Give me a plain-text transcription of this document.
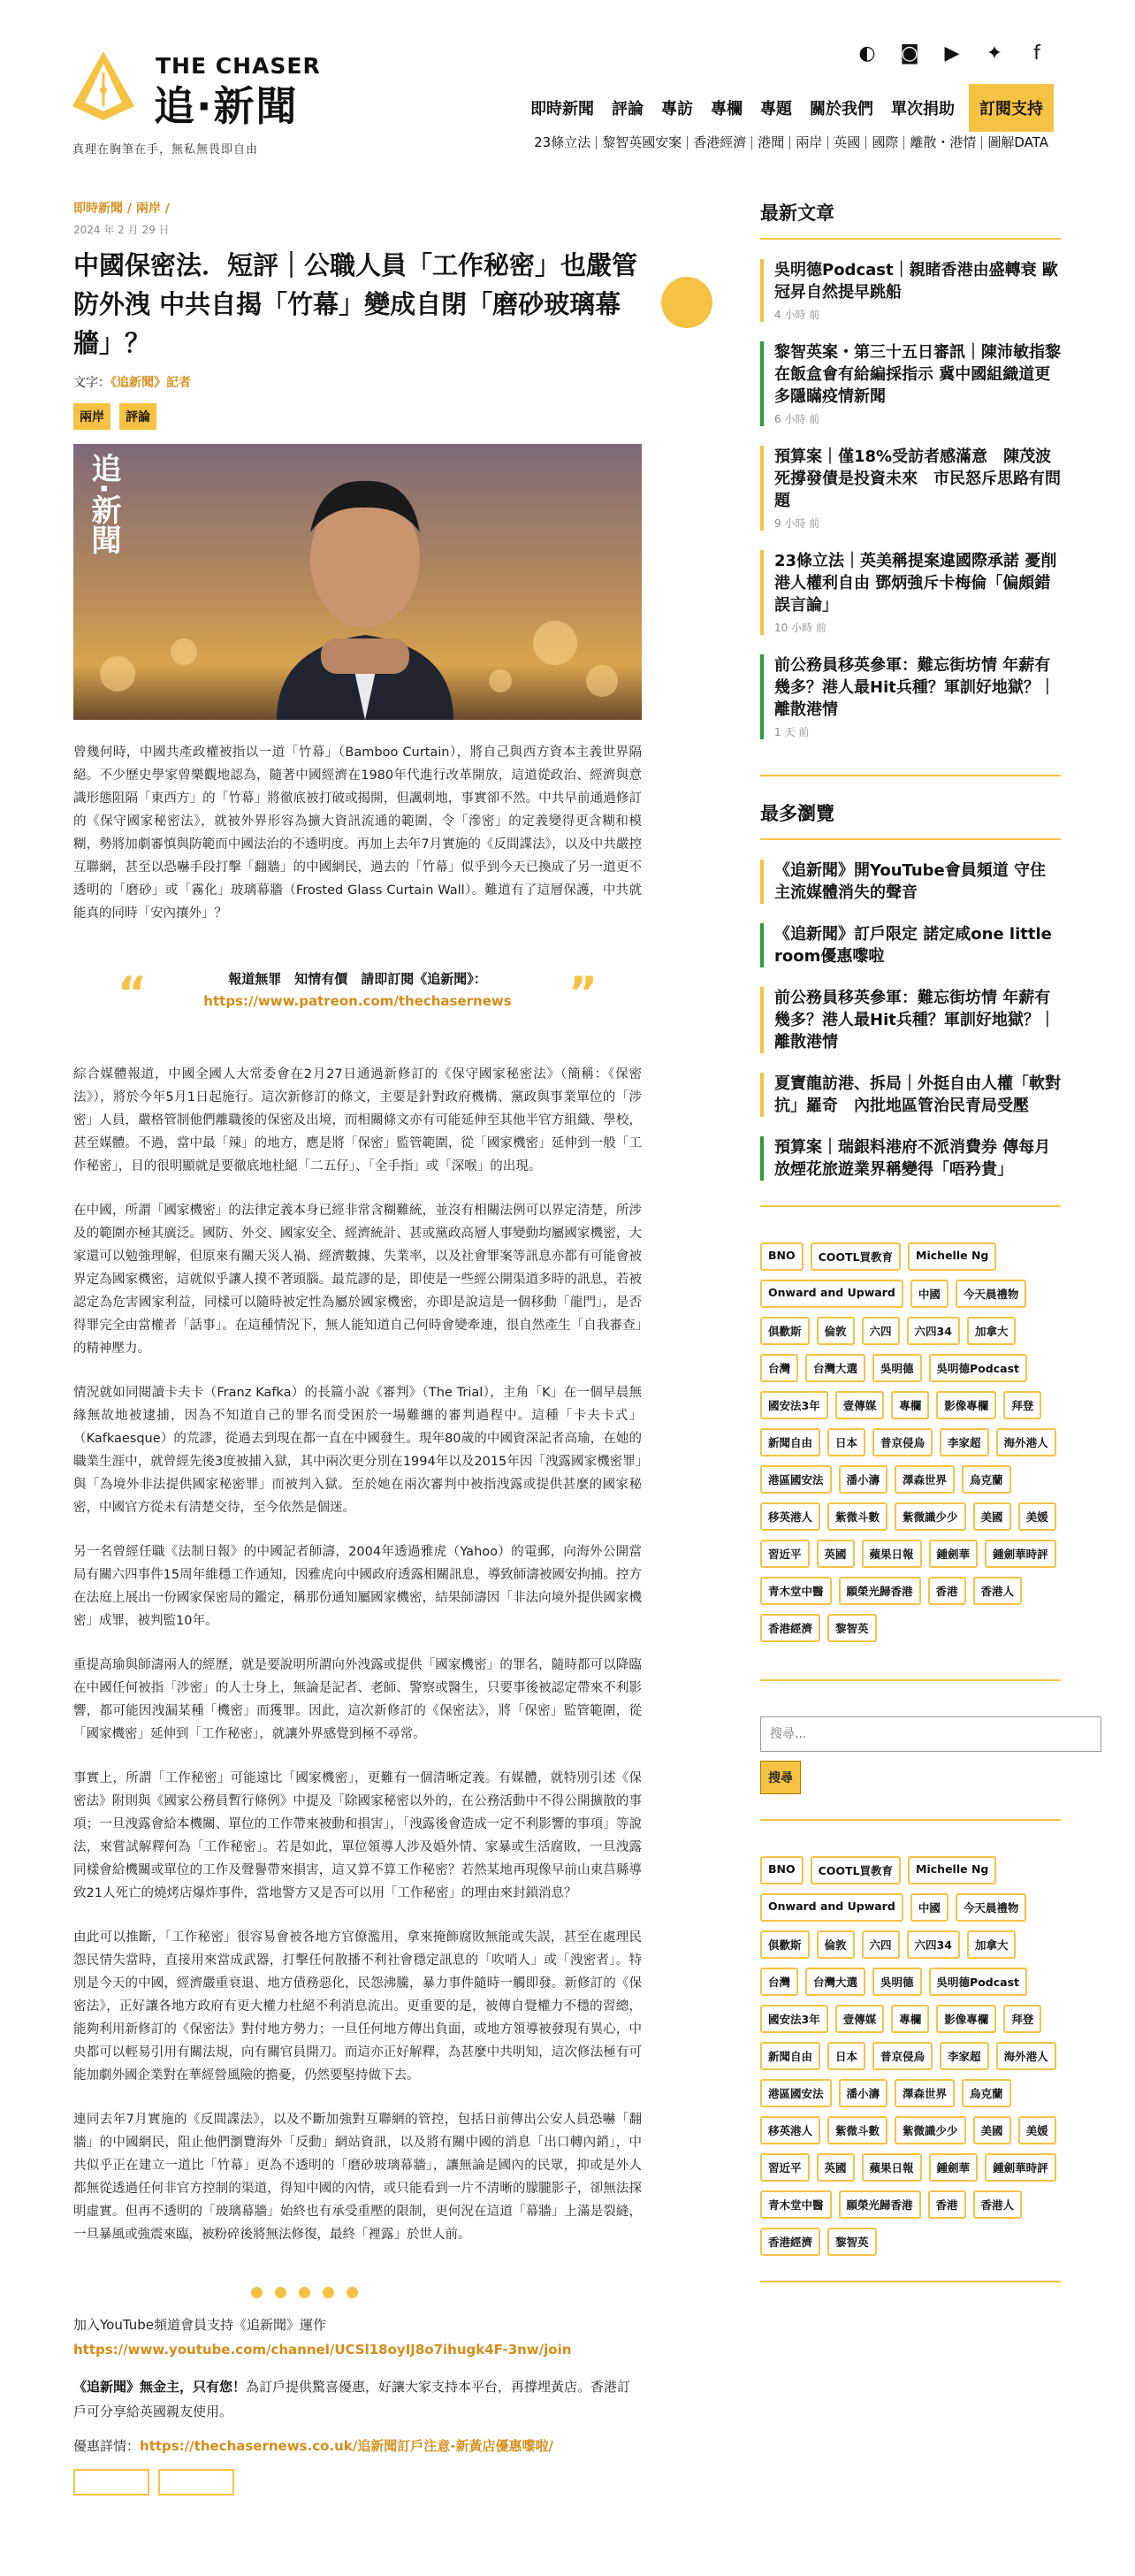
THE CHASER
追·新聞
真理在胸筆在手，無私無畏即自由
◐ ◙ ▶ ✦	f
即時新聞	評論	專訪	專欄	專題	關於我們	單次捐助	訂閱支持
23條立法 黎智英國安案 香港經濟 港聞 兩岸 英國 國際 離散・港情 圖解DATA
即時新聞 / 兩岸 /
2024 年 2 月 29 日
中國保密法．短評｜公職人員「工作秘密」也嚴管防外洩 中共自揭「竹幕」變成自閉「磨砂玻璃幕牆」？
文字：《追新聞》記者
兩岸	評論
追·新聞

曾幾何時，中國共產政權被指以一道「竹幕」（Bamboo Curtain），將自己與西方資本主義世界隔絕。不少歷史學家曾樂觀地認為，隨著中國經濟在1980年代進行改革開放，這道從政治、經濟與意識形態阻隔「東西方」的「竹幕」將徹底被打破或揭開，但諷刺地，事實卻不然。中共早前通過修訂的《保守國家秘密法》，就被外界形容為擴大資訊流通的範圍，令「滲密」的定義變得更含糊和模糊，勢將加劇審慎與防範而中國法治的不透明度。再加上去年7月實施的《反間諜法》，以及中共嚴控互聯網，甚至以恐嚇手段打擊「翻牆」的中國網民，過去的「竹幕」似乎到今天已換成了另一道更不透明的「磨砂」或「霧化」玻璃幕牆（Frosted Glass Curtain Wall）。難道有了這層保護，中共就能真的同時「安內攘外」？

“	”
報道無罪　知情有價　請即訂閱《追新聞》：
https://www.patreon.com/thechasernews

綜合媒體報道，中國全國人大常委會在2月27日通過新修訂的《保守國家秘密法》（簡稱：《保密法》），將於今年5月1日起施行。這次新修訂的條文，主要是針對政府機構、黨政與事業單位的「涉密」人員，嚴格管制他們離職後的保密及出境，而相關條文亦有可能延伸至其他半官方組織、學校，甚至媒體。不過，當中最「辣」的地方，應是將「保密」監管範圍，從「國家機密」延伸到一般「工作秘密」，目的很明顯就是要徹底地杜絕「二五仔」、「全手指」或「深喉」的出現。

在中國，所謂「國家機密」的法律定義本身已經非常含糊難統，並沒有相關法例可以界定清楚，所涉及的範圍亦極其廣泛。國防、外交、國家安全、經濟統計、甚或黨政高層人事變動均屬國家機密，大家還可以勉強理解，但原來有關天災人禍、經濟數據、失業率，以及社會罪案等訊息亦都有可能會被界定為國家機密，這就似乎讓人摸不著頭腦。最荒謬的是，即使是一些經公開渠道多時的訊息，若被認定為危害國家利益，同樣可以隨時被定性為屬於國家機密，亦即是說這是一個移動「龍門」，是否得罪完全由當權者「話事」。在這種情況下，無人能知道自己何時會變牽連，很自然產生「自我審查」的精神壓力。

情況就如同閱讀卡夫卡（Franz Kafka）的長篇小說《審判》（The Trial），主角「K」在一個早晨無緣無故地被逮捕，因為不知道自己的罪名而受困於一場難纏的審判過程中。這種「卡夫卡式」（Kafkaesque）的荒謬，從過去到現在都一直在中國發生。現年80歲的中國資深記者高瑜，在她的職業生涯中，就曾經先後3度被捕入獄，其中兩次更分別在1994年以及2015年因「洩露國家機密罪」與「為境外非法提供國家秘密罪」而被判入獄。至於她在兩次審判中被指洩露或提供甚麼的國家秘密，中國官方從未有清楚交待，至今依然是個迷。

另一名曾經任職《法制日報》的中國記者師濤，2004年透過雅虎（Yahoo）的電郵，向海外公開當局有關六四事件15周年維穩工作通知，因雅虎向中國政府透露相關訊息，導致師濤被國安拘捕。控方在法庭上展出一份國家保密局的鑑定，稱那份通知屬國家機密，結果師濤因「非法向境外提供國家機密」成罪，被判監10年。

重提高瑜與師濤兩人的經歷，就是要說明所謂向外洩露或提供「國家機密」的罪名，隨時都可以降臨在中國任何被指「涉密」的人士身上，無論是記者、老師、警察或醫生，只要事後被認定帶來不利影響，都可能因洩漏某種「機密」而獲罪。因此，這次新修訂的《保密法》，將「保密」監管範圍，從「國家機密」延伸到「工作秘密」，就讓外界感覺到極不尋常。

事實上，所謂「工作秘密」可能遠比「國家機密」，更難有一個清晰定義。有媒體，就特別引述《保密法》附則與《國家公務員暫行條例》中提及「除國家秘密以外的，在公務活動中不得公開擴散的事項；一旦洩露會給本機關、單位的工作帶來被動和損害」，「洩露後會造成一定不利影響的事項」等說法，來嘗試解釋何為「工作秘密」。若是如此，單位領導人涉及婚外情、家暴或生活腐敗，一旦洩露同樣會給機關或單位的工作及聲譽帶來損害，這又算不算工作秘密？若然某地再現像早前山東莒縣導致21人死亡的燒烤店爆炸事件，當地警方又是否可以用「工作秘密」的理由來封鎖消息？

由此可以推斷，「工作秘密」很容易會被各地方官僚濫用，拿來掩飾腐敗無能或失誤，甚至在處理民怨民情失當時，直接用來當成武器，打擊任何散播不利社會穩定訊息的「吹哨人」或「洩密者」。特別是今天的中國，經濟嚴重衰退、地方債務惡化，民怨沸騰，暴力事件隨時一觸即發。新修訂的《保密法》，正好讓各地方政府有更大權力杜絕不利消息流出。更重要的是，被傳自覺權力不穩的習總，能夠利用新修訂的《保密法》對付地方勢力；一旦任何地方傳出負面，或地方領導被發現有異心，中央都可以輕易引用有關法規，向有關官員開刀。而這亦正好解釋，為甚麼中共明知，這次修法極有可能加劇外國企業對在華經營風險的擔憂，仍然要堅持做下去。

連同去年7月實施的《反間諜法》，以及不斷加強對互聯網的管控，包括日前傳出公安人員恐嚇「翻牆」的中國網民，阻止他們瀏覽海外「反動」網站資訊，以及將有關中國的消息「出口轉內銷」，中共似乎正在建立一道比「竹幕」更為不透明的「磨砂玻璃幕牆」，讓無論是國內的民眾，抑或是外人都無從透過任何非官方控制的渠道，得知中國的內情，或只能看到一片不清晰的朦朧影子，卻無法探明虛實。但再不透明的「玻璃幕牆」始終也有承受重壓的限制，更何況在這道「幕牆」上滿是裂縫，一旦暴風或強震來臨，被粉碎後將無法修復，最終「裡露」於世人前。

加入YouTube頻道會員支持《追新聞》運作
https://www.youtube.com/channel/UCSl18oyIJ8o7ihugk4F-3nw/join
《追新聞》無金主，只有您！為訂戶提供驚喜優惠，好讓大家支持本平台，再撐埋黃店。香港訂戶可分享給英國親友使用。
優惠詳情：https://thechasernews.co.uk/追新聞訂戶注意-新黃店優惠嚟啦/
最新文章
吳明德Podcast｜親睹香港由盛轉衰 歐冠昇自然提早跳船
4 小時 前
黎智英案・第三十五日審訊｜陳沛敏指黎在飯盒會有給編採指示 冀中國組織道更多隱瞞疫情新聞
6 小時 前
預算案｜僅18%受訪者感滿意　陳茂波死撐發債是投資未來　市民怒斥思路有問題
9 小時 前
23條立法｜英美稱提案違國際承諾 憂削港人權利自由 鄧炳強斥卡梅倫「偏頗錯誤言論」
10 小時 前
前公務員移英參軍：難忘街坊情 年薪有幾多？港人最Hit兵種？軍訓好地獄？｜離散港情
1 天 前
最多瀏覽
《追新聞》開YouTube會員頻道 守住主流媒體消失的聲音
《追新聞》訂戶限定 諾定咸one little room優惠嚟啦
前公務員移英參軍：難忘街坊情 年薪有幾多？港人最Hit兵種？軍訓好地獄？｜離散港情
夏寶龍訪港、拆局｜外挺自由人權「軟對抗」羅奇　內批地區管治民青局受壓
預算案｜瑞銀料港府不派消費券 傳每月放煙花旅遊業界稱變得「唔矜貴」
BNO	COOTL買教育	Michelle Ng
Onward and Upward	中國	今天晨禮物
俱歡斯	倫敦	六四	六四34	加拿大
台灣	台灣大選	吳明德	吳明德Podcast
國安法3年	壹傳媒	專欄	影像專欄	拜登
新聞自由	日本	普京侵烏	李家超	海外港人
港區國安法	潘小濤	澤森世界	烏克蘭
移英港人	紫微斗數	紫微識少少	美國	美媛
習近平	英國	蘋果日報	鍾劍華	鍾劍華時評
青木堂中醫	願榮光歸香港	香港	香港人
香港經濟	黎智英
搜尋...
搜尋
BNO	COOTL買教育	Michelle Ng
Onward and Upward	中國	今天晨禮物
俱歡斯	倫敦	六四	六四34	加拿大
台灣	台灣大選	吳明德	吳明德Podcast
國安法3年	壹傳媒	專欄	影像專欄	拜登
新聞自由	日本	普京侵烏	李家超	海外港人
港區國安法	潘小濤	澤森世界	烏克蘭
移英港人	紫微斗數	紫微識少少	美國	美媛
習近平	英國	蘋果日報	鍾劍華	鍾劍華時評
青木堂中醫	願榮光歸香港	香港	香港人
香港經濟	黎智英
